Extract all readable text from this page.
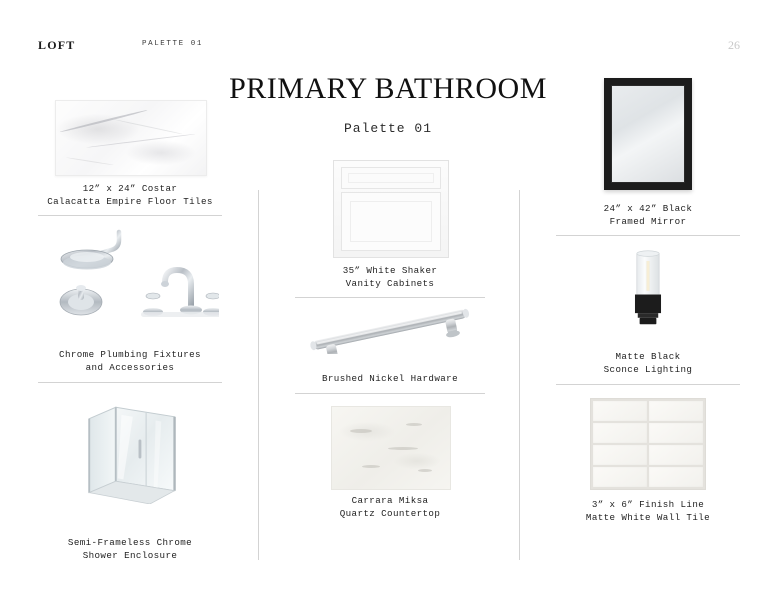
LOFT	PALETTE 01	26
PRIMARY BATHROOM
Palette 01
12” x 24” Costar
Calacatta Empire Floor Tiles
Chrome Plumbing Fixtures
and Accessories
Semi-Frameless Chrome
Shower Enclosure
35” White Shaker
Vanity Cabinets
Brushed Nickel Hardware
Carrara Miksa
Quartz Countertop
24” x 42” Black
Framed Mirror
Matte Black
Sconce Lighting
3” x 6” Finish Line
Matte White Wall Tile
